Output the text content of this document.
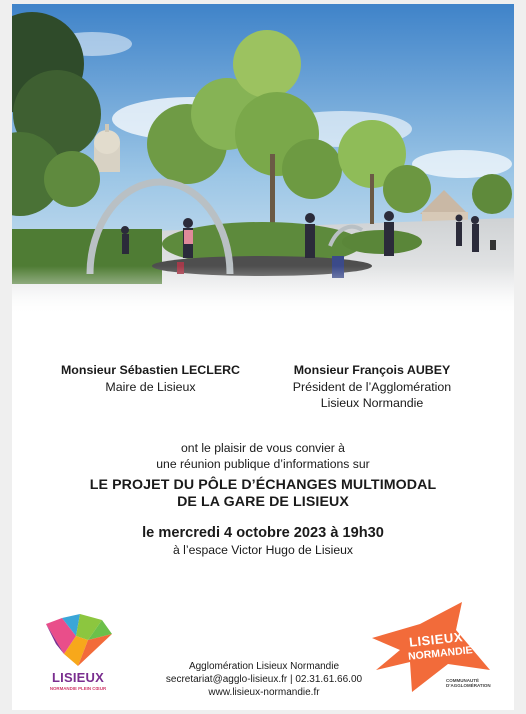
Monsieur Sébastien LECLERC
Maire de Lisieux
Monsieur François AUBEY
Président de l’Agglomération
Lisieux Normandie
ont le plaisir de vous convier à
une réunion publique d’informations sur
LE PROJET DU PÔLE D’ÉCHANGES MULTIMODAL
DE LA GARE DE LISIEUX
le mercredi 4 octobre 2023 à 19h30
à l’espace Victor Hugo de Lisieux
LISIEUX
NORMANDIE PLEIN CŒUR
Agglomération Lisieux Normandie
secretariat@agglo-lisieux.fr | 02.31.61.66.00
www.lisieux-normandie.fr
LISIEUX
NORMANDIE
COMMUNAUTÉ D’AGGLOMÉRATION
